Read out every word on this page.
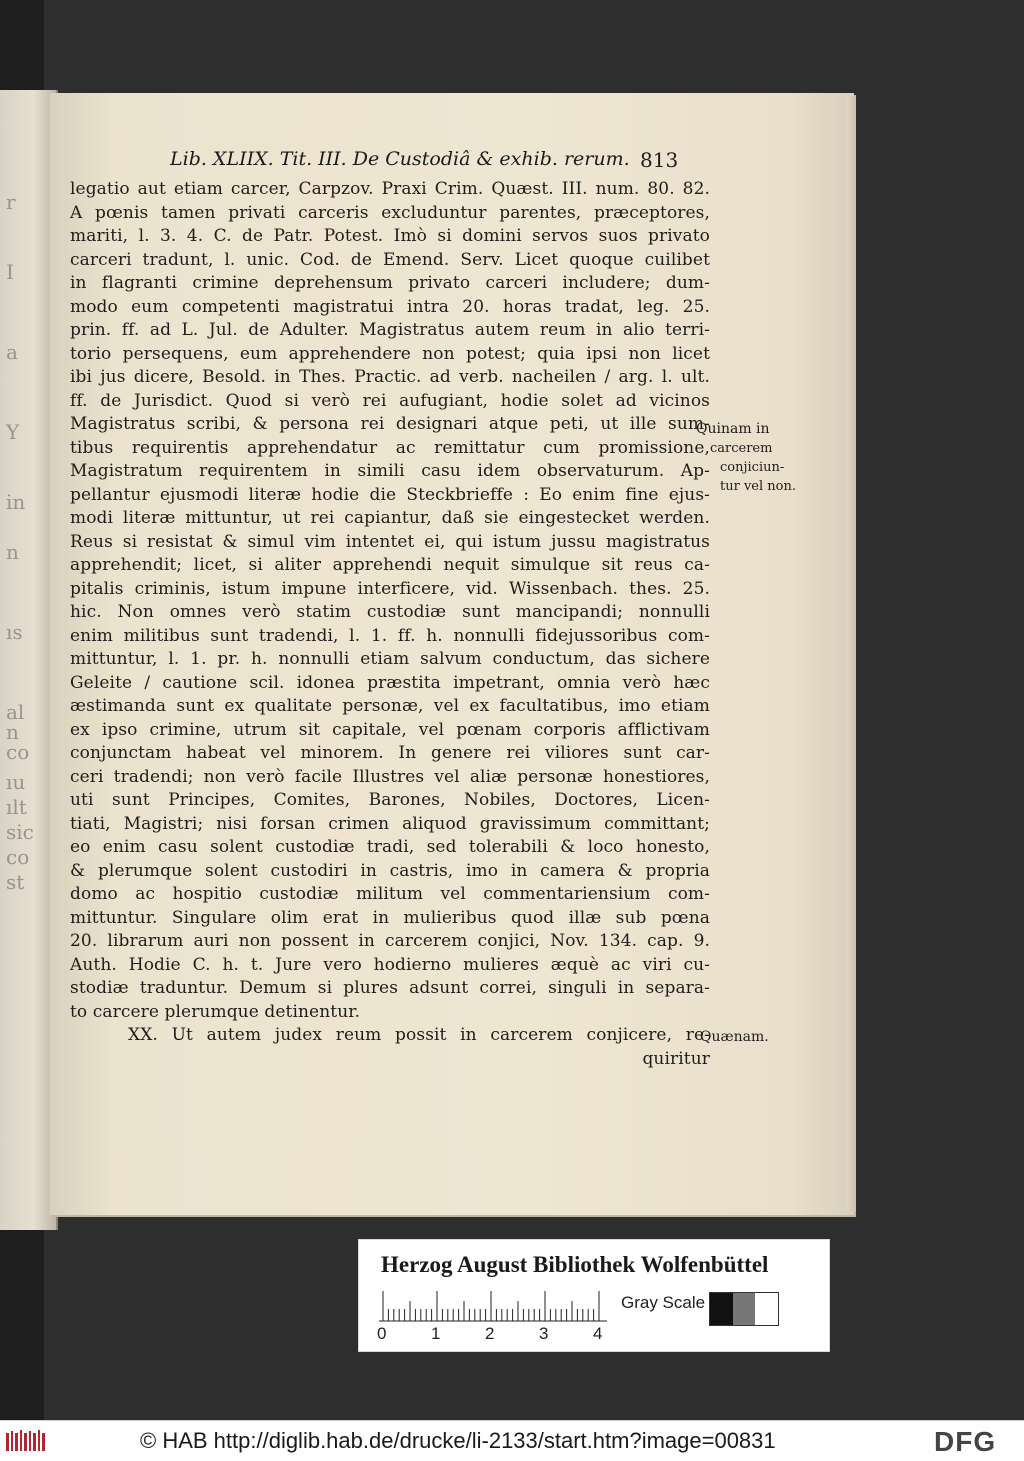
r
I
a
Y
in
n
ıs
al
n
co
ıu
ılt
sic
co
st
Lib. XLIIX. Tit. III. De Custodiâ & exhib. rerum. 813
legatio aut etiam carcer, Carpzov. Praxi Crim. Quæst. III. num. 80. 82.
A pœnis tamen privati carceris excluduntur parentes, præceptores,
mariti, l. 3. 4. C. de Patr. Potest. Imò si domini servos suos privato
carceri tradunt, l. unic. Cod. de Emend. Serv. Licet quoque cuilibet
in flagranti crimine deprehensum privato carceri includere; dum-
modo eum competenti magistratui intra 20. horas tradat, leg. 25.
prin. ff. ad L. Jul. de Adulter. Magistratus autem reum in alio terri-
torio persequens, eum apprehendere non potest; quia ipsi non licet
ibi jus dicere, Besold. in Thes. Practic. ad verb. nacheilen / arg. l. ult.
ff. de Jurisdict. Quod si verò rei aufugiant, hodie solet ad vicinos
Magistratus scribi, & persona rei designari atque peti, ut ille sum-
tibus requirentis apprehendatur ac remittatur cum promissione,
Magistratum requirentem in simili casu idem observaturum. Ap-
pellantur ejusmodi literæ hodie die Steckbrieffe : Eo enim fine ejus-
modi literæ mittuntur, ut rei capiantur, daß sie eingestecket werden.
Reus si resistat & simul vim intentet ei, qui istum jussu magistratus
apprehendit; licet, si aliter apprehendi nequit simulque sit reus ca-
pitalis criminis, istum impune interficere, vid. Wissenbach. thes. 25.
hic. Non omnes verò statim custodiæ sunt mancipandi; nonnulli
enim militibus sunt tradendi, l. 1. ff. h. nonnulli fidejussoribus com-
mittuntur, l. 1. pr. h. nonnulli etiam salvum conductum, das sichere
Geleite / cautione scil. idonea præstita impetrant, omnia verò hæc
æstimanda sunt ex qualitate personæ, vel ex facultatibus, imo etiam
ex ipso crimine, utrum sit capitale, vel pœnam corporis afflictivam
conjunctam habeat vel minorem. In genere rei viliores sunt car-
ceri tradendi; non verò facile Illustres vel aliæ personæ honestiores,
uti sunt Principes, Comites, Barones, Nobiles, Doctores, Licen-
tiati, Magistri; nisi forsan crimen aliquod gravissimum committant;
eo enim casu solent custodiæ tradi, sed tolerabili & loco honesto,
& plerumque solent custodiri in castris, imo in camera & propria
domo ac hospitio custodiæ militum vel commentariensium com-
mittuntur. Singulare olim erat in mulieribus quod illæ sub pœna
20. librarum auri non possent in carcerem conjici, Nov. 134. cap. 9.
Auth. Hodie C. h. t. Jure vero hodierno mulieres æquè ac viri cu-
stodiæ traduntur. Demum si plures adsunt correi, singuli in separa-
to carcere plerumque detinentur.
XX. Ut autem judex reum possit in carcerem conjicere, re-
quiritur
Quinam in
carcerem
conjiciun-
tur vel non.
Quænam.
Herzog August Bibliothek Wolfenbüttel
0	1	2	3	4
Gray Scale
© HAB http://diglib.hab.de/drucke/li-2133/start.htm?image=00831	DFG
